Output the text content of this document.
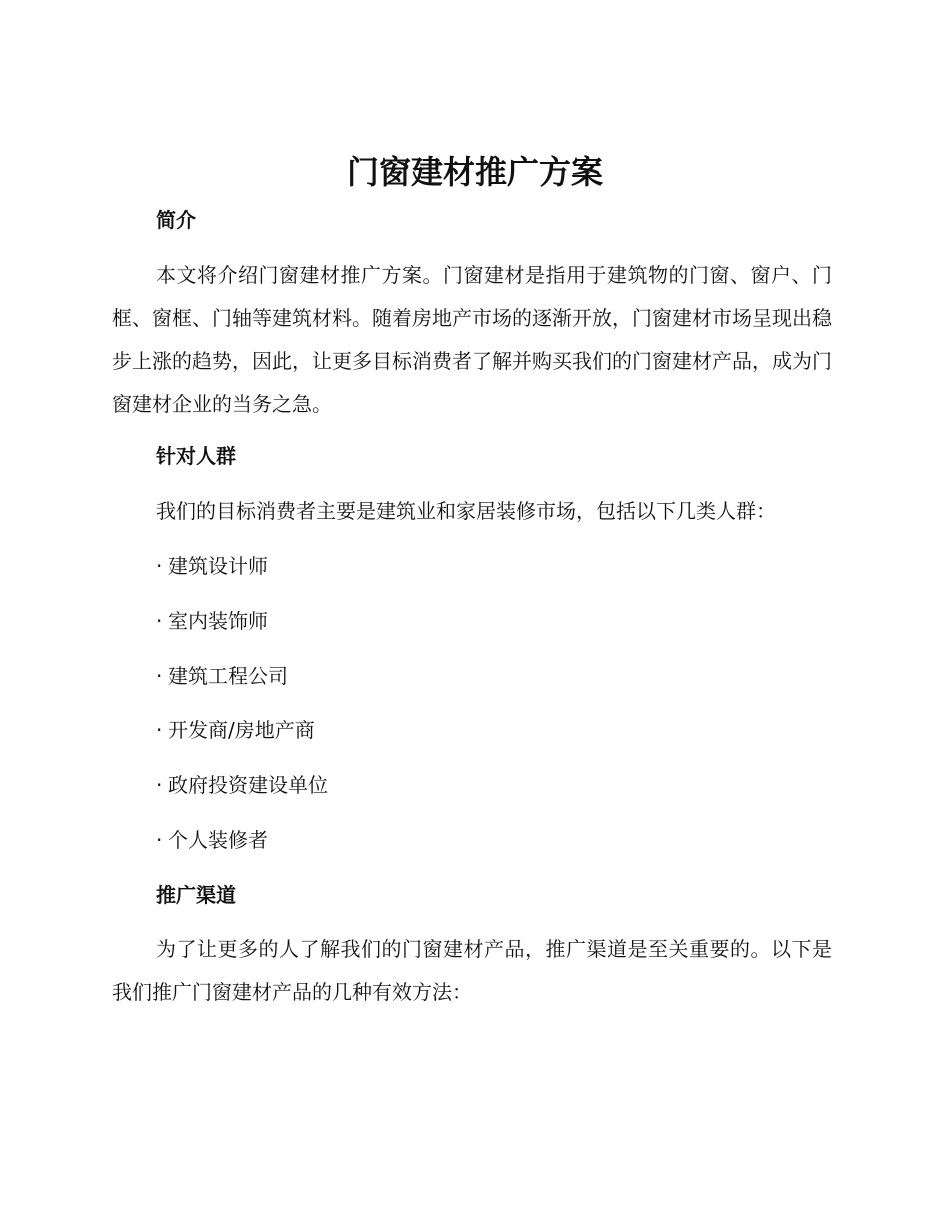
门窗建材推广方案
简介

本文将介绍门窗建材推广方案。门窗建材是指用于建筑物的门窗、窗户、门框、窗框、门轴等建筑材料。随着房地产市场的逐渐开放，门窗建材市场呈现出稳步上涨的趋势，因此，让更多目标消费者了解并购买我们的门窗建材产品，成为门窗建材企业的当务之急。

针对人群

我们的目标消费者主要是建筑业和家居装修市场，包括以下几类人群：

· 建筑设计师
· 室内装饰师
· 建筑工程公司
· 开发商/房地产商
· 政府投资建设单位
· 个人装修者
推广渠道

为了让更多的人了解我们的门窗建材产品，推广渠道是至关重要的。以下是我们推广门窗建材产品的几种有效方法：
